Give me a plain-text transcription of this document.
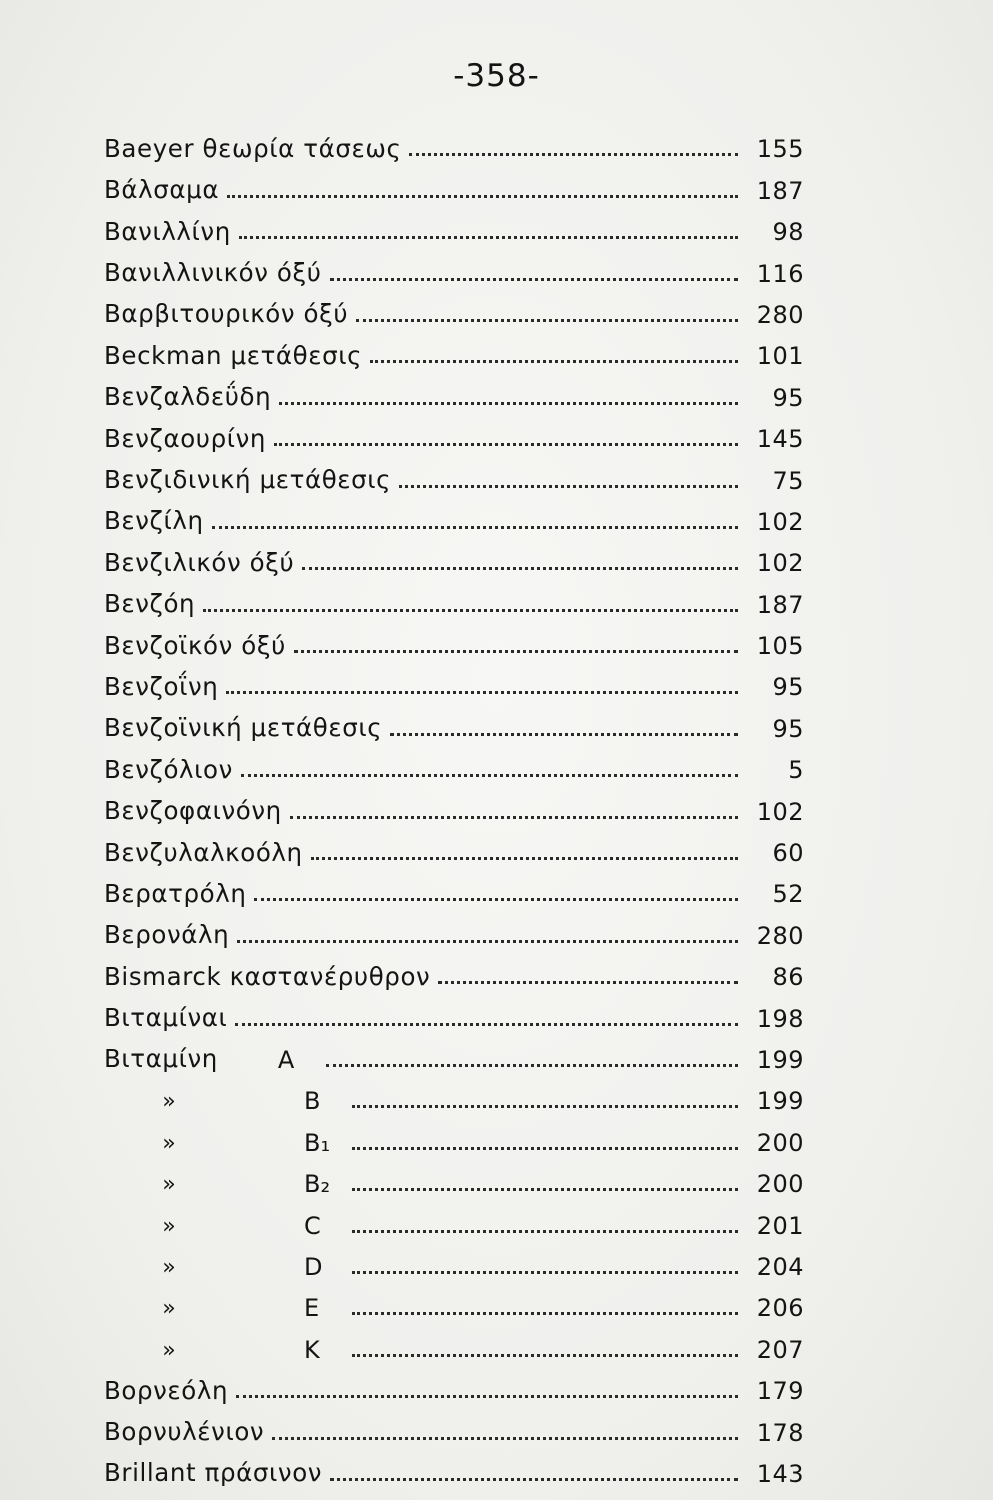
-358-
Baeyer θεωρία τάσεως	155
Βάλσαμα	187
Βανιλλίνη	98
Βανιλλινικόν όξύ	116
Βαρβιτουρικόν όξύ	280
Beckman μετάθεσις	101
Βενζαλδεΰδη	95
Βενζαουρίνη	145
Βενζιδινική μετάθεσις	75
Βενζίλη	102
Βενζιλικόν όξύ	102
Βενζόη	187
Βενζοϊκόν όξύ	105
Βενζοΐνη	95
Βενζοϊνική μετάθεσις	95
Βενζόλιον	5
Βενζοφαινόνη	102
Βενζυλαλκοόλη	60
Βερατρόλη	52
Βερονάλη	280
Bismarck καστανέρυθρον	86
Βιταμίναι	198
Βιταμίνη	A	199
»	B	199
»	B₁	200
»	B₂	200
»	C	201
»	D	204
»	E	206
»	K	207
Βορνεόλη	179
Βορνυλένιον	178
Brillant πράσινον	143
